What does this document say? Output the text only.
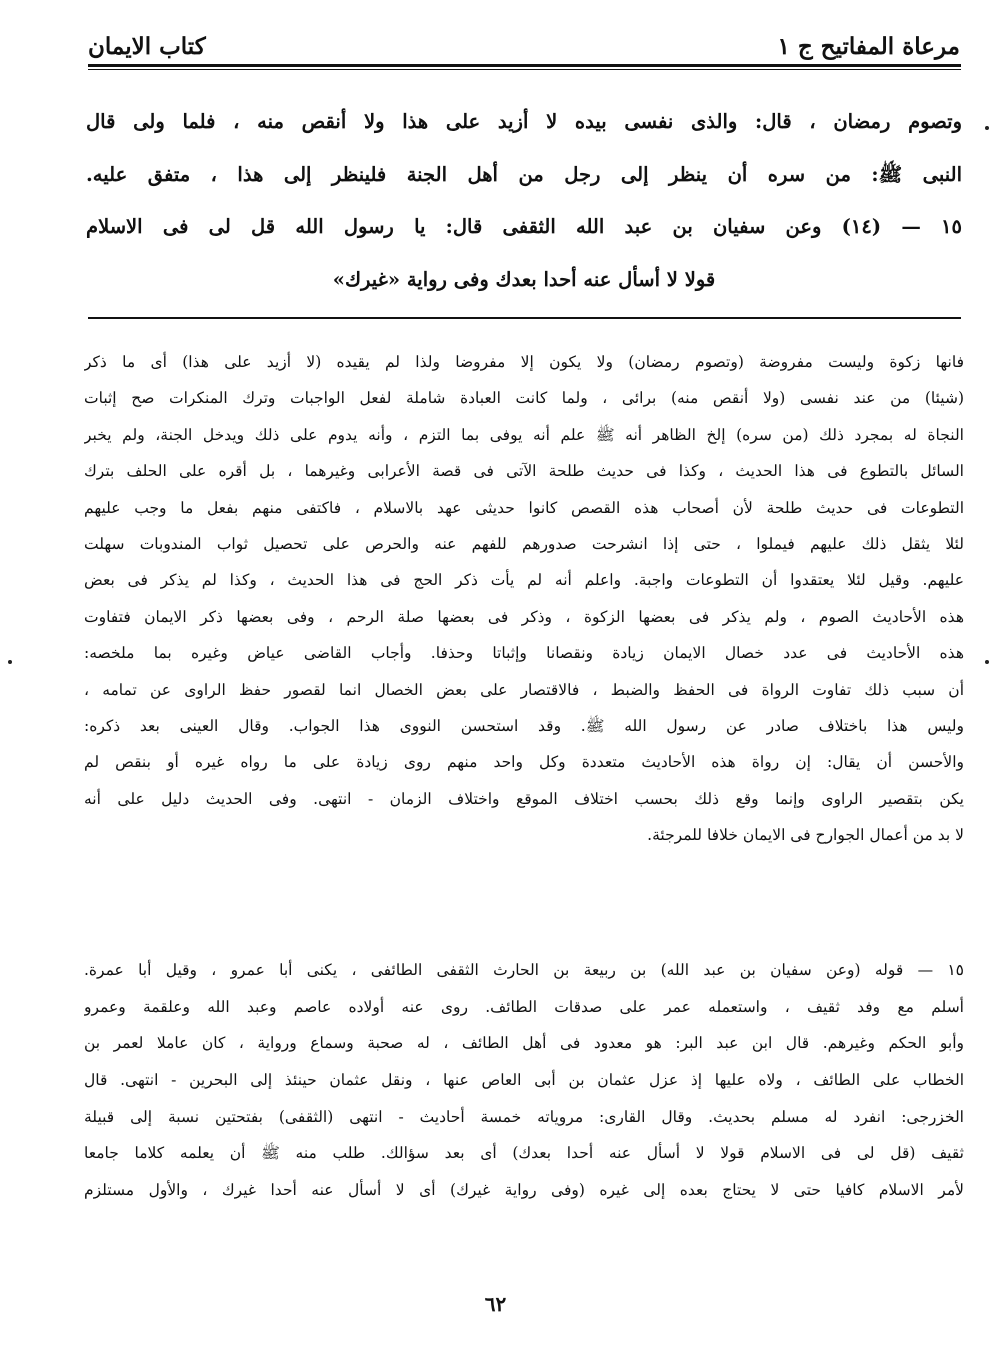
مرعاة المفاتيح ج ١
كتاب الايمان
وتصوم رمضان ، قال: والذى نفسى بيده لا أزيد على هذا ولا أنقص منه ، فلما ولى قال
النبى ﷺ: من سره أن ينظر إلى رجل من أهل الجنة فلينظر إلى هذا ، متفق عليه.
١٥ — (١٤) وعن سفيان بن عبد الله الثقفى قال: يا رسول الله قل لى فى الاسلام
قولا لا أسأل عنه أحدا بعدك وفى رواية «غيرك»
فانها زكوة وليست مفروضة (وتصوم رمضان) ولا يكون إلا مفروضا ولذا لم يقيده (لا أزيد على هذا) أى ما ذكر
(شيئا) من عند نفسى (ولا أنقص منه) برائى ، ولما كانت العبادة شاملة لفعل الواجبات وترك المنكرات صح إثبات
النجاة له بمجرد ذلك (من سره) إلخ الظاهر أنه ﷺ علم أنه يوفى بما التزم ، وأنه يدوم على ذلك ويدخل الجنة، ولم يخبر
السائل بالتطوع فى هذا الحديث ، وكذا فى حديث طلحة الآتى فى قصة الأعرابى وغيرهما ، بل أقره على الحلف بترك
التطوعات فى حديث طلحة لأن أصحاب هذه القصص كانوا حديثى عهد بالاسلام ، فاكتفى منهم بفعل ما وجب عليهم
لئلا يثقل ذلك عليهم فيملوا ، حتى إذا انشرحت صدورهم للفهم عنه والحرص على تحصيل ثواب المندوبات سهلت
عليهم. وقيل لئلا يعتقدوا أن التطوعات واجبة. واعلم أنه لم يأت ذكر الحج فى هذا الحديث ، وكذا لم يذكر فى بعض
هذه الأحاديث الصوم ، ولم يذكر فى بعضها الزكوة ، وذكر فى بعضها صلة الرحم ، وفى بعضها ذكر الايمان فتفاوت
هذه الأحاديث فى عدد خصال الايمان زيادة ونقصانا وإثباتا وحذفا. وأجاب القاضى عياض وغيره بما ملخصه:
أن سبب ذلك تفاوت الرواة فى الحفظ والضبط ، فالاقتصار على بعض الخصال انما لقصور حفظ الراوى عن تمامه ،
وليس هذا باختلاف صادر عن رسول الله ﷺ. وقد استحسن النووى هذا الجواب. وقال العينى بعد ذكره:
والأحسن أن يقال: إن رواة هذه الأحاديث متعددة وكل واحد منهم روى زيادة على ما رواه غيره أو بنقص لم
يكن بتقصير الراوى وإنما وقع ذلك بحسب اختلاف الموقع واختلاف الزمان - انتهى. وفى الحديث دليل على أنه
لا بد من أعمال الجوارح فى الايمان خلافا للمرجئة.
١٥ — قوله (وعن سفيان بن عبد الله) بن ربيعة بن الحارث الثقفى الطائفى ، يكنى أبا عمرو ، وقيل أبا عمرة.
أسلم مع وفد ثقيف ، واستعمله عمر على صدقات الطائف. روى عنه أولاده عاصم وعبد الله وعلقمة وعمرو
وأبو الحكم وغيرهم. قال ابن عبد البر: هو معدود فى أهل الطائف ، له صحبة وسماع ورواية ، كان عاملا لعمر بن
الخطاب على الطائف ، ولاه عليها إذ عزل عثمان بن أبى العاص عنها ، ونقل عثمان حينئذ إلى البحرين - انتهى. قال
الخزرجى: انفرد له مسلم بحديث. وقال القارى: مروياته خمسة أحاديث - انتهى (الثقفى) بفتحتين نسبة إلى قبيلة
ثقيف (قل لى فى الاسلام قولا لا أسأل عنه أحدا بعدك) أى بعد سؤالك. طلب منه ﷺ أن يعلمه كلاما جامعا
لأمر الاسلام كافيا حتى لا يحتاج بعده إلى غيره (وفى رواية غيرك) أى لا أسأل عنه أحدا غيرك ، والأول مستلزم
٦٢
